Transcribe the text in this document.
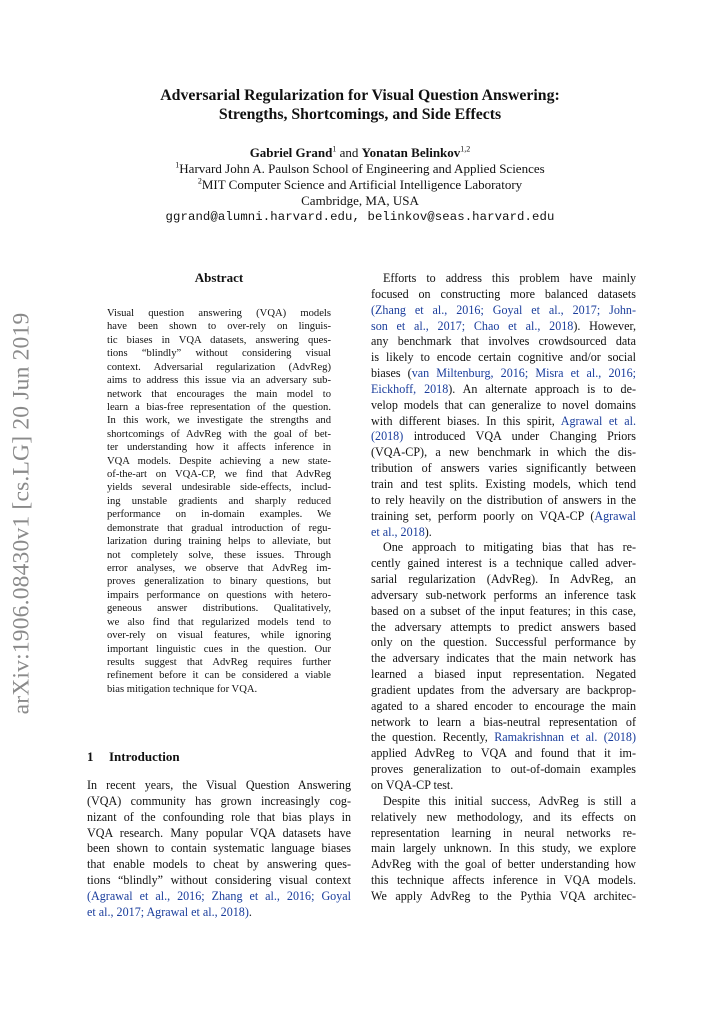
arXiv:1906.08430v1 [cs.LG] 20 Jun 2019
Adversarial Regularization for Visual Question Answering:
Strengths, Shortcomings, and Side Effects
Gabriel Grand$^1$ and Yonatan Belinkov$^{1,2}$
$^1$Harvard John A. Paulson School of Engineering and Applied Sciences
$^2$MIT Computer Science and Artificial Intelligence Laboratory
Cambridge, MA, USA
ggrand@alumni.harvard.edu, belinkov@seas.harvard.edu
Abstract
Visual question answering (VQA) models
have been shown to over-rely on linguis-
tic biases in VQA datasets, answering ques-
tions “blindly” without considering visual
context. Adversarial regularization (AdvReg)
aims to address this issue via an adversary sub-
network that encourages the main model to
learn a bias-free representation of the question.
In this work, we investigate the strengths and
shortcomings of AdvReg with the goal of bet-
ter understanding how it affects inference in
VQA models. Despite achieving a new state-
of-the-art on VQA-CP, we find that AdvReg
yields several undesirable side-effects, includ-
ing unstable gradients and sharply reduced
performance on in-domain examples. We
demonstrate that gradual introduction of regu-
larization during training helps to alleviate, but
not completely solve, these issues. Through
error analyses, we observe that AdvReg im-
proves generalization to binary questions, but
impairs performance on questions with hetero-
geneous answer distributions. Qualitatively,
we also find that regularized models tend to
over-rely on visual features, while ignoring
important linguistic cues in the question. Our
results suggest that AdvReg requires further
refinement before it can be considered a viable
bias mitigation technique for VQA.
1 Introduction
In recent years, the Visual Question Answering
(VQA) community has grown increasingly cog-
nizant of the confounding role that bias plays in
VQA research. Many popular VQA datasets have
been shown to contain systematic language biases
that enable models to cheat by answering ques-
tions “blindly” without considering visual context
(Agrawal et al., 2016; Zhang et al., 2016; Goyal
et al., 2017; Agrawal et al., 2018).
Efforts to address this problem have mainly
focused on constructing more balanced datasets
(Zhang et al., 2016; Goyal et al., 2017; John-
son et al., 2017; Chao et al., 2018). However,
any benchmark that involves crowdsourced data
is likely to encode certain cognitive and/or social
biases (van Miltenburg, 2016; Misra et al., 2016;
Eickhoff, 2018). An alternate approach is to de-
velop models that can generalize to novel domains
with different biases. In this spirit, Agrawal et al.
(2018) introduced VQA under Changing Priors
(VQA-CP), a new benchmark in which the dis-
tribution of answers varies significantly between
train and test splits. Existing models, which tend
to rely heavily on the distribution of answers in the
training set, perform poorly on VQA-CP (Agrawal
et al., 2018).
One approach to mitigating bias that has re-
cently gained interest is a technique called adver-
sarial regularization (AdvReg). In AdvReg, an
adversary sub-network performs an inference task
based on a subset of the input features; in this case,
the adversary attempts to predict answers based
only on the question. Successful performance by
the adversary indicates that the main network has
learned a biased input representation. Negated
gradient updates from the adversary are backprop-
agated to a shared encoder to encourage the main
network to learn a bias-neutral representation of
the question. Recently, Ramakrishnan et al. (2018)
applied AdvReg to VQA and found that it im-
proves generalization to out-of-domain examples
on VQA-CP test.
Despite this initial success, AdvReg is still a
relatively new methodology, and its effects on
representation learning in neural networks re-
main largely unknown. In this study, we explore
AdvReg with the goal of better understanding how
this technique affects inference in VQA models.
We apply AdvReg to the Pythia VQA architec-
